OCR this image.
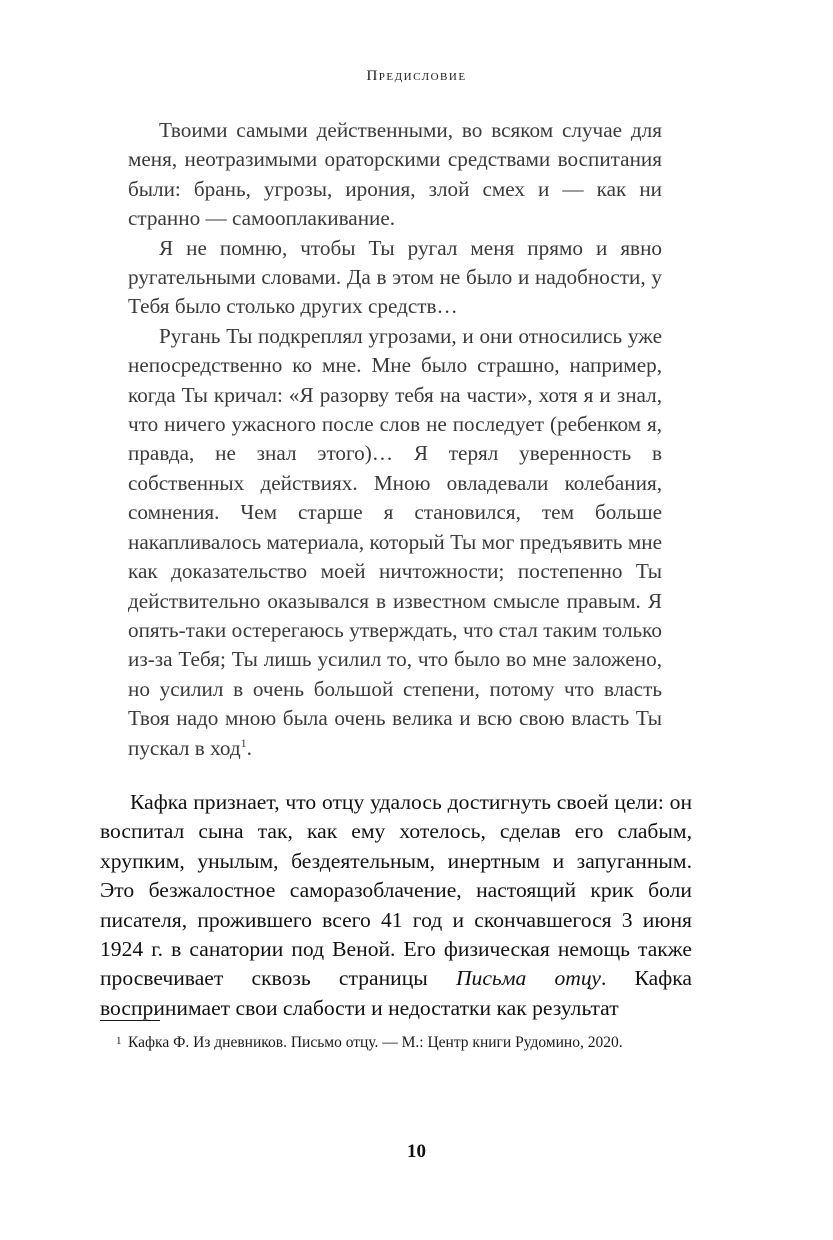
Предисловие

Твоими самыми действенными, во всяком случае для меня, неотразимыми ораторскими средствами воспитания были: брань, угрозы, ирония, злой смех и — как ни странно — самооплакивание.

Я не помню, чтобы Ты ругал меня прямо и явно ругательными словами. Да в этом не было и надобности, у Тебя было столько других средств…

Ругань Ты подкреплял угрозами, и они относились уже непосредственно ко мне. Мне было страшно, например, когда Ты кричал: «Я разорву тебя на части», хотя я и знал, что ничего ужасного после слов не последует (ребенком я, правда, не знал этого)… Я терял уверенность в собственных действиях. Мною овладевали колебания, сомнения. Чем старше я становился, тем больше накапливалось материала, который Ты мог предъявить мне как доказательство моей ничтожности; постепенно Ты действительно оказывался в известном смысле правым. Я опять-таки остерегаюсь утверждать, что стал таким только из-за Тебя; Ты лишь усилил то, что было во мне заложено, но усилил в очень большой степени, потому что власть Твоя надо мною была очень велика и всю свою власть Ты пускал в ход$^1$.

Кафка признает, что отцу удалось достигнуть своей цели: он воспитал сына так, как ему хотелось, сделав его слабым, хрупким, унылым, бездеятельным, инертным и запуганным. Это безжалостное саморазоблачение, настоящий крик боли писателя, прожившего всего 41 год и скончавшегося 3 июня 1924 г. в санатории под Веной. Его физическая немощь также просвечивает сквозь страницы Письма отцу. Кафка воспринимает свои слабости и недостатки как результат

1 Кафка Ф. Из дневников. Письмо отцу. — М.: Центр книги Рудомино, 2020.
10
